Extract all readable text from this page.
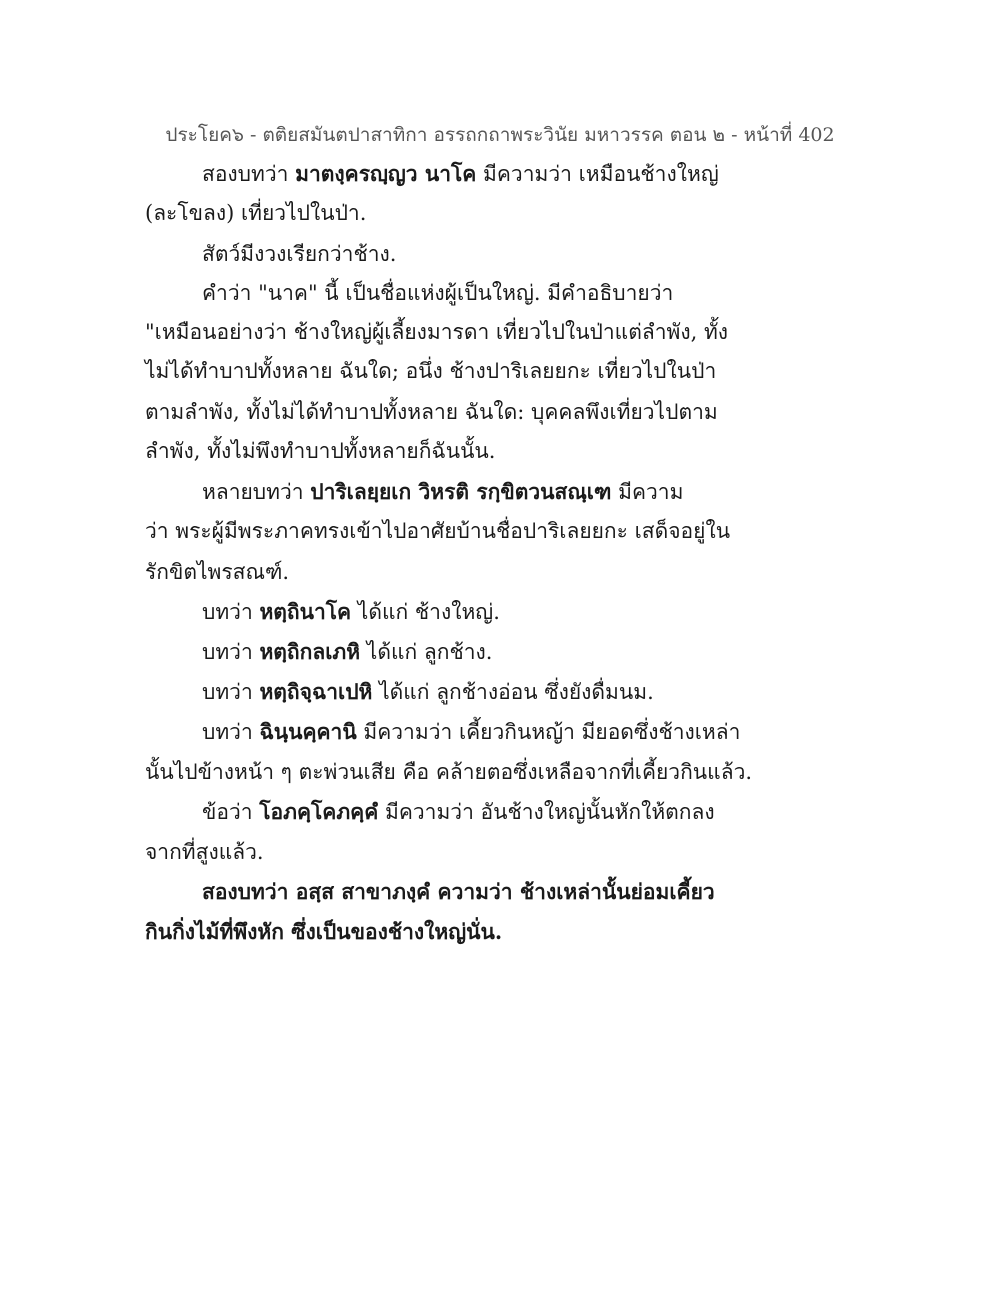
ประโยค๖ - ตติยสมันตปาสาทิกา อรรถกถาพระวินัย มหาวรรค ตอน ๒ - หน้าที่ 402
สองบทว่า มาตงฺครญฺญว นาโค มีความว่า เหมือนช้างใหญ่
(ละโขลง) เที่ยวไปในป่า.
สัตว์มีงวงเรียกว่าช้าง.
คำว่า "นาค" นี้ เป็นชื่อแห่งผู้เป็นใหญ่. มีคำอธิบายว่า
"เหมือนอย่างว่า ช้างใหญ่ผู้เลี้ยงมารดา เที่ยวไปในป่าแต่ลำพัง, ทั้ง
ไม่ได้ทำบาปทั้งหลาย ฉันใด; อนึ่ง ช้างปาริเลยยกะ เที่ยวไปในป่า
ตามลำพัง, ทั้งไม่ได้ทำบาปทั้งหลาย ฉันใด: บุคคลพึงเที่ยวไปตาม
ลำพัง, ทั้งไม่พึงทำบาปทั้งหลายก็ฉันนั้น.
หลายบทว่า ปาริเลยฺยเก วิหรติ รกฺขิตวนสณฺเฑ มีความ
ว่า พระผู้มีพระภาคทรงเข้าไปอาศัยบ้านชื่อปาริเลยยกะ เสด็จอยู่ใน
รักขิตไพรสณฑ์.
บทว่า หตฺถินาโค ได้แก่ ช้างใหญ่.
บทว่า หตฺถิกลเภหิ ได้แก่ ลูกช้าง.
บทว่า หตฺถิจฺฉาเปหิ ได้แก่ ลูกช้างอ่อน ซึ่งยังดื่มนม.
บทว่า ฉินฺนคฺคานิ มีความว่า เคี้ยวกินหญ้า มียอดซึ่งช้างเหล่า
นั้นไปข้างหน้า ๆ ตะพ่วนเสีย คือ คล้ายตอซึ่งเหลือจากที่เคี้ยวกินแล้ว.
ข้อว่า โอภคฺโคภคฺคํ มีความว่า อันช้างใหญ่นั้นหักให้ตกลง
จากที่สูงแล้ว.
สองบทว่า อสฺส สาขาภงฺคํ ความว่า ช้างเหล่านั้นย่อมเคี้ยว
กินกิ่งไม้ที่พึงหัก ซึ่งเป็นของช้างใหญ่นั่น.
